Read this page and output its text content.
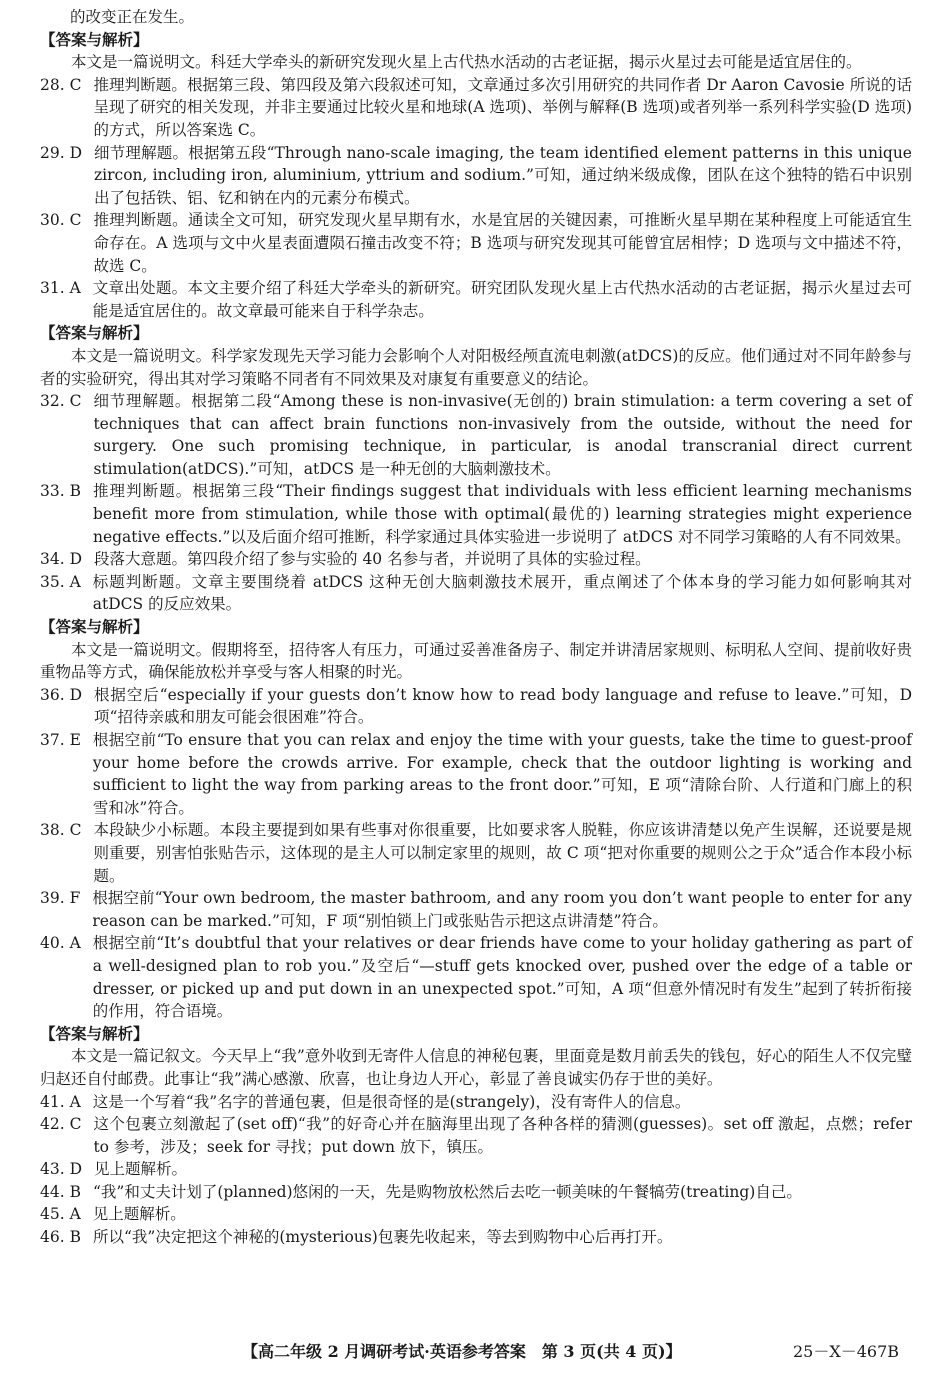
的改变正在发生。

【答案与解析】

本文是一篇说明文。科廷大学牵头的新研究发现火星上古代热水活动的古老证据，揭示火星过去可能是适宜居住的。

28. C 推理判断题。根据第三段、第四段及第六段叙述可知，文章通过多次引用研究的共同作者 Dr Aaron Cavosie 所说的话呈现了研究的相关发现，并非主要通过比较火星和地球(A 选项)、举例与解释(B 选项)或者列举一系列科学实验(D 选项)的方式，所以答案选 C。
29. D 细节理解题。根据第五段“Through nano-scale imaging, the team identified element patterns in this unique zircon, including iron, aluminium, yttrium and sodium.”可知，通过纳米级成像，团队在这个独特的锆石中识别出了包括铁、铝、钇和钠在内的元素分布模式。
30. C 推理判断题。通读全文可知，研究发现火星早期有水，水是宜居的关键因素，可推断火星早期在某种程度上可能适宜生命存在。A 选项与文中火星表面遭陨石撞击改变不符；B 选项与研究发现其可能曾宜居相悖；D 选项与文中描述不符，故选 C。
31. A 文章出处题。本文主要介绍了科廷大学牵头的新研究。研究团队发现火星上古代热水活动的古老证据，揭示火星过去可能是适宜居住的。故文章最可能来自于科学杂志。

【答案与解析】

本文是一篇说明文。科学家发现先天学习能力会影响个人对阳极经颅直流电刺激(atDCS)的反应。他们通过对不同年龄参与者的实验研究，得出其对学习策略不同者有不同效果及对康复有重要意义的结论。

32. C 细节理解题。根据第二段“Among these is non-invasive(无创的) brain stimulation: a term covering a set of techniques that can affect brain functions non-invasively from the outside, without the need for surgery. One such promising technique, in particular, is anodal transcranial direct current stimulation(atDCS).”可知，atDCS 是一种无创的大脑刺激技术。
33. B 推理判断题。根据第三段“Their findings suggest that individuals with less efficient learning mechanisms benefit more from stimulation, while those with optimal(最优的) learning strategies might experience negative effects.”以及后面介绍可推断，科学家通过具体实验进一步说明了 atDCS 对不同学习策略的人有不同效果。
34. D 段落大意题。第四段介绍了参与实验的 40 名参与者，并说明了具体的实验过程。
35. A 标题判断题。文章主要围绕着 atDCS 这种无创大脑刺激技术展开，重点阐述了个体本身的学习能力如何影响其对 atDCS 的反应效果。

【答案与解析】

本文是一篇说明文。假期将至，招待客人有压力，可通过妥善准备房子、制定并讲清居家规则、标明私人空间、提前收好贵重物品等方式，确保能放松并享受与客人相聚的时光。

36. D 根据空后“especially if your guests don’t know how to read body language and refuse to leave.”可知，D 项“招待亲戚和朋友可能会很困难”符合。
37. E 根据空前“To ensure that you can relax and enjoy the time with your guests, take the time to guest-proof your home before the crowds arrive. For example, check that the outdoor lighting is working and sufficient to light the way from parking areas to the front door.”可知，E 项“清除台阶、人行道和门廊上的积雪和冰”符合。
38. C 本段缺少小标题。本段主要提到如果有些事对你很重要，比如要求客人脱鞋，你应该讲清楚以免产生误解，还说要是规则重要，别害怕张贴告示，这体现的是主人可以制定家里的规则，故 C 项“把对你重要的规则公之于众”适合作本段小标题。
39. F 根据空前“Your own bedroom, the master bathroom, and any room you don’t want people to enter for any reason can be marked.”可知，F 项“别怕锁上门或张贴告示把这点讲清楚”符合。
40. A 根据空前“It’s doubtful that your relatives or dear friends have come to your holiday gathering as part of a well-designed plan to rob you.”及空后“—stuff gets knocked over, pushed over the edge of a table or dresser, or picked up and put down in an unexpected spot.”可知，A 项“但意外情况时有发生”起到了转折衔接的作用，符合语境。

【答案与解析】

本文是一篇记叙文。今天早上“我”意外收到无寄件人信息的神秘包裹，里面竟是数月前丢失的钱包，好心的陌生人不仅完璧归赵还自付邮费。此事让“我”满心感激、欣喜，也让身边人开心，彰显了善良诚实仍存于世的美好。

41. A 这是一个写着“我”名字的普通包裹，但是很奇怪的是(strangely)，没有寄件人的信息。
42. C 这个包裹立刻激起了(set off)“我”的好奇心并在脑海里出现了各种各样的猜测(guesses)。set off 激起，点燃；refer to 参考，涉及；seek for 寻找；put down 放下，镇压。
43. D 见上题解析。
44. B “我”和丈夫计划了(planned)悠闲的一天，先是购物放松然后去吃一顿美味的午餐犒劳(treating)自己。
45. A 见上题解析。
46. B 所以“我”决定把这个神秘的(mysterious)包裹先收起来，等去到购物中心后再打开。
【高二年级 2 月调研考试·英语参考答案　第 3 页(共 4 页)】	25－X－467B
